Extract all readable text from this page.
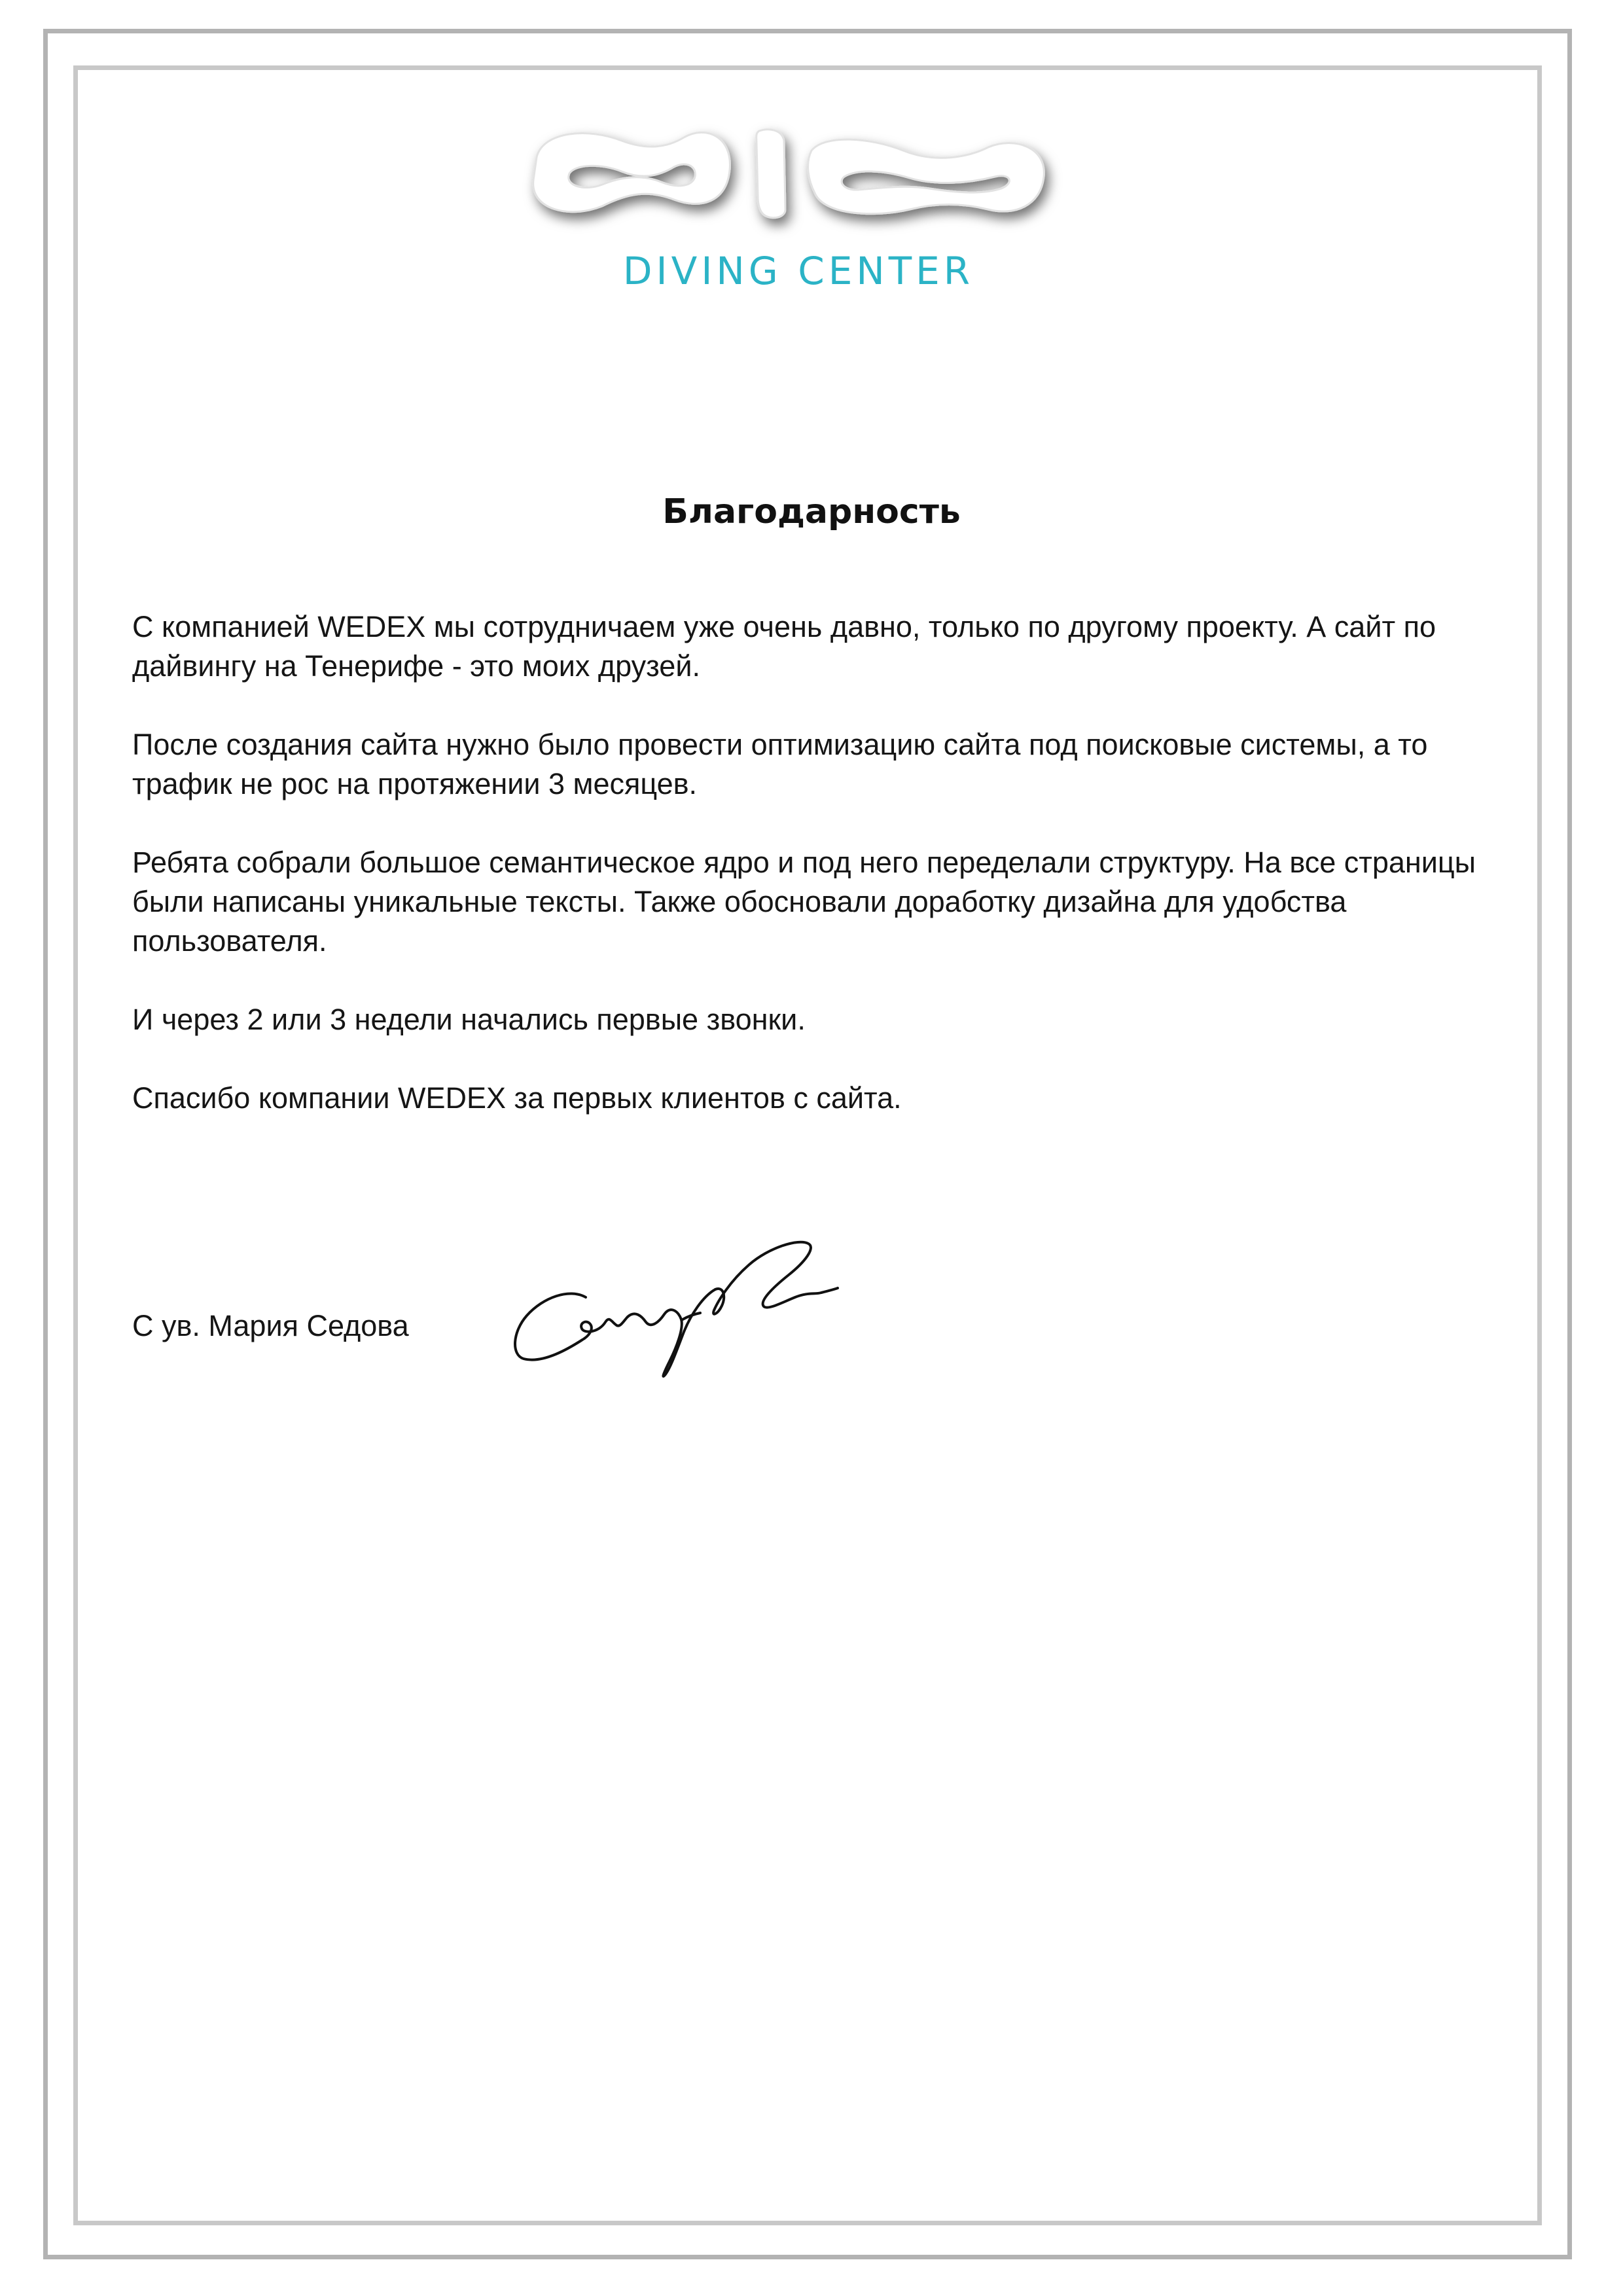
DIVING CENTER
Благодарность

С компанией WEDEX мы сотрудничаем уже очень давно, только по другому проекту. А сайт по дайвингу на Тенерифе - это моих друзей.

После создания сайта нужно было провести оптимизацию сайта под поисковые системы, а то трафик не рос на протяжении 3 месяцев.

Ребята собрали большое семантическое ядро и под него переделали структуру. На все страницы были написаны уникальные тексты. Также обосновали доработку дизайна для удобства пользователя.

И через 2 или 3 недели начались первые звонки.

Спасибо компании WEDEX за первых клиентов с сайта.

С ув. Мария Седова
